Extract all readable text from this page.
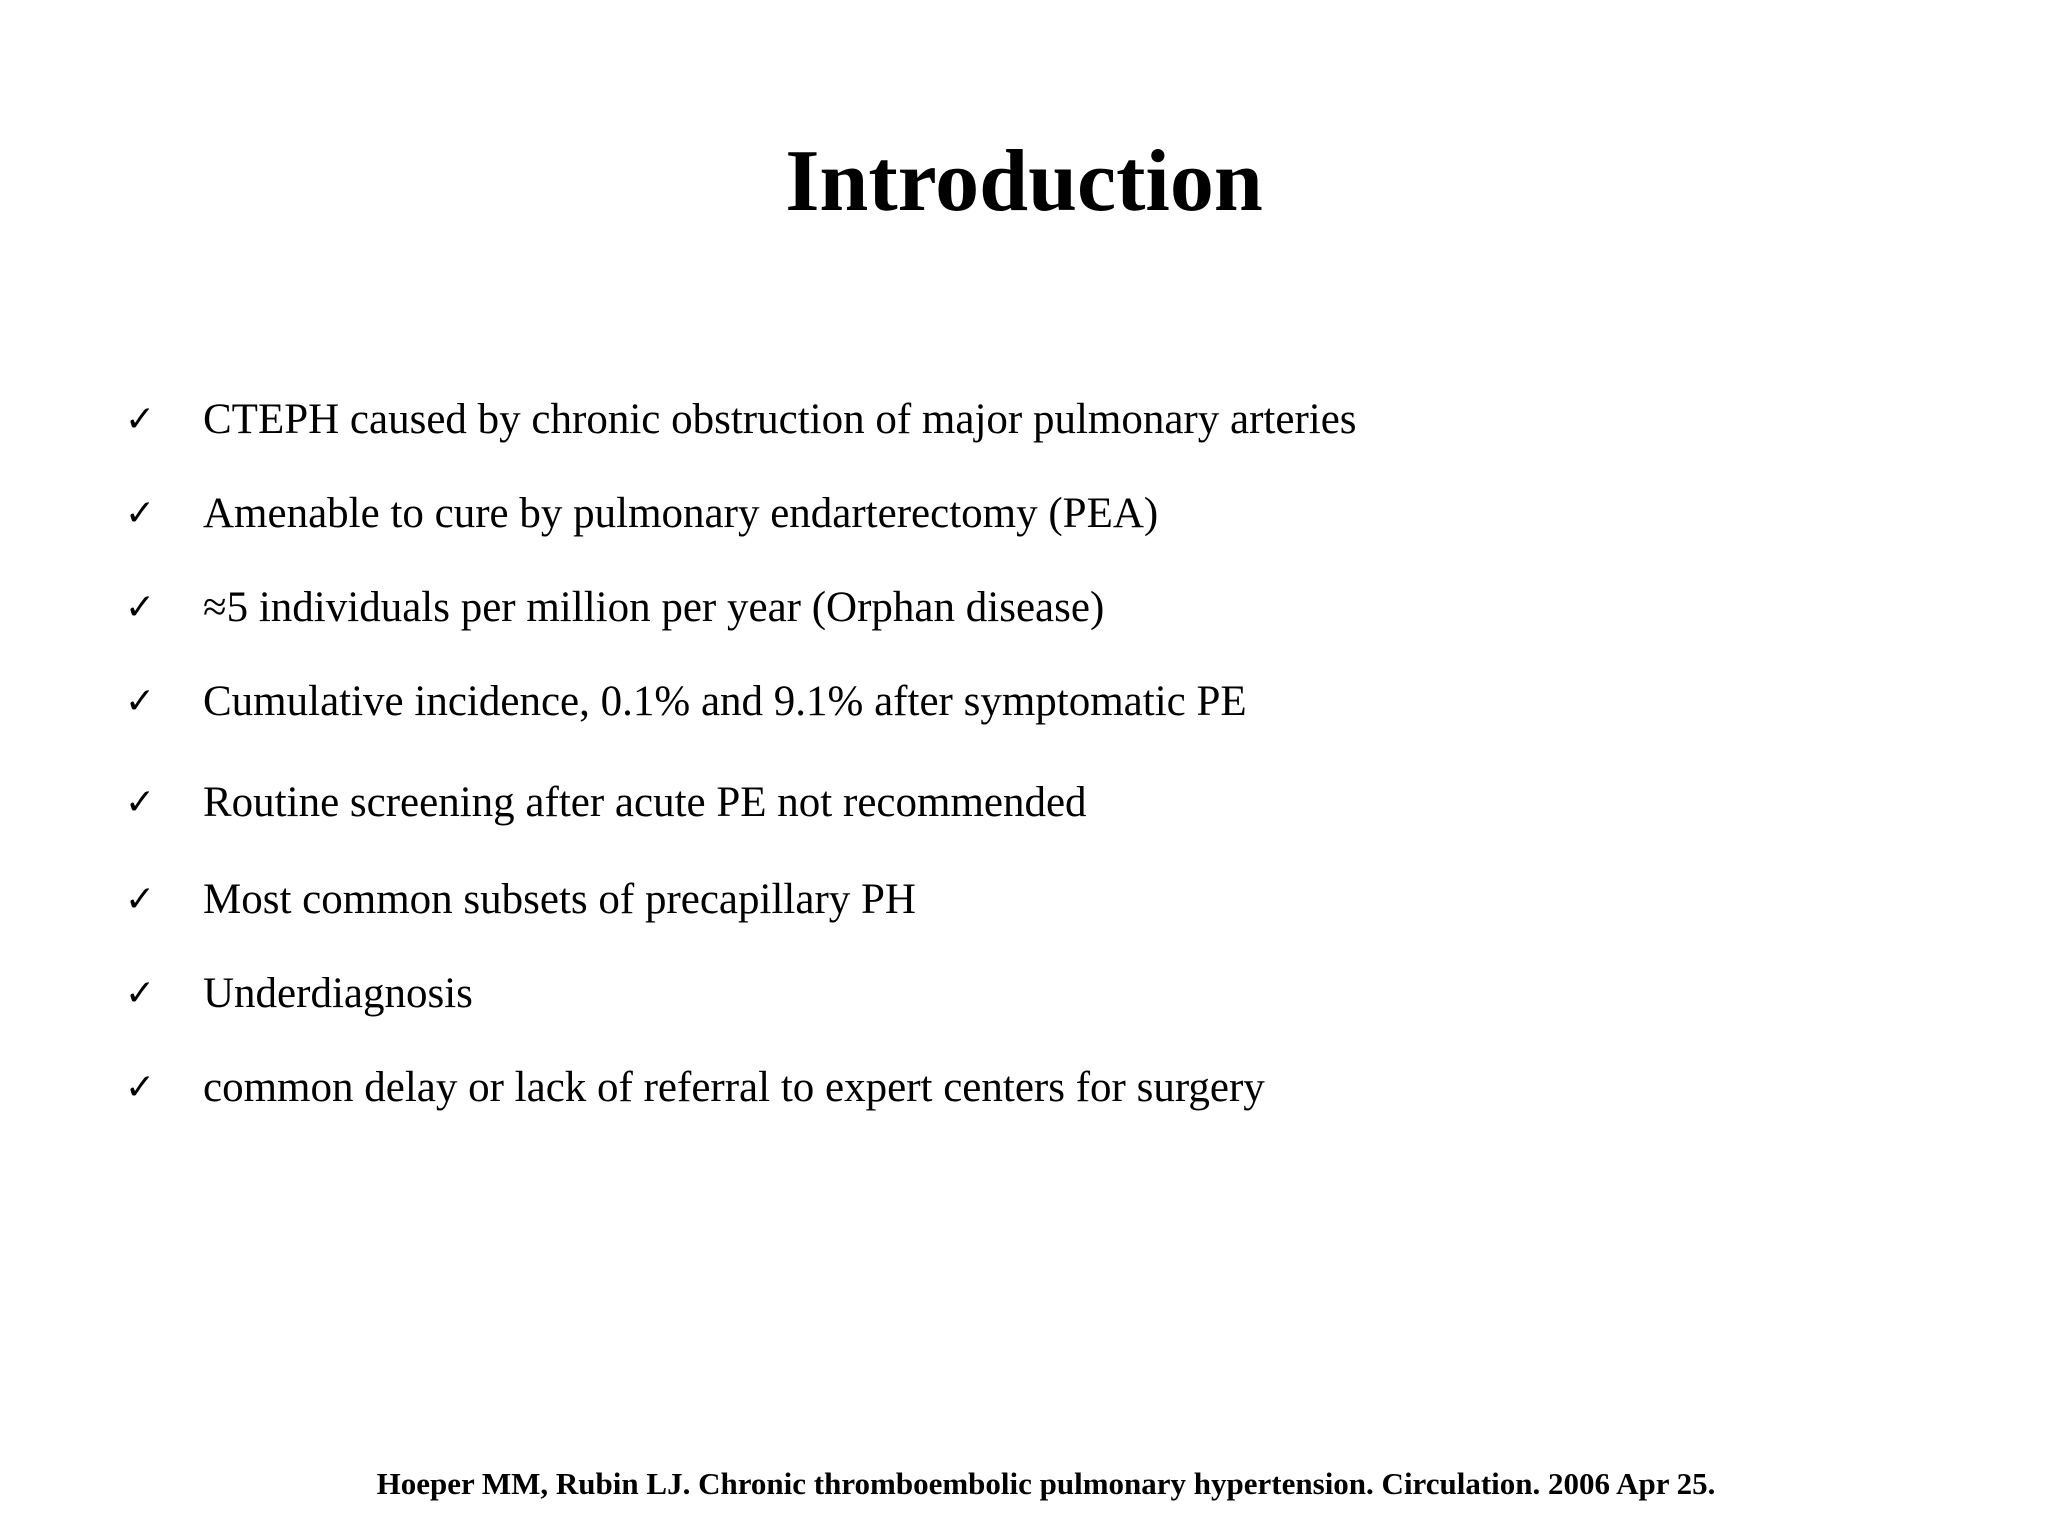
Introduction
✓ CTEPH caused by chronic obstruction of major pulmonary arteries
✓ Amenable to cure by pulmonary endarterectomy (PEA)
✓ ≈5 individuals per million per year (Orphan disease)
✓ Cumulative incidence, 0.1% and 9.1% after symptomatic PE
✓ Routine screening after acute PE not recommended
✓ Most common subsets of precapillary PH
✓ Underdiagnosis
✓ common delay or lack of referral to expert centers for surgery
Hoeper MM, Rubin LJ. Chronic thromboembolic pulmonary hypertension. Circulation. 2006 Apr 25.
